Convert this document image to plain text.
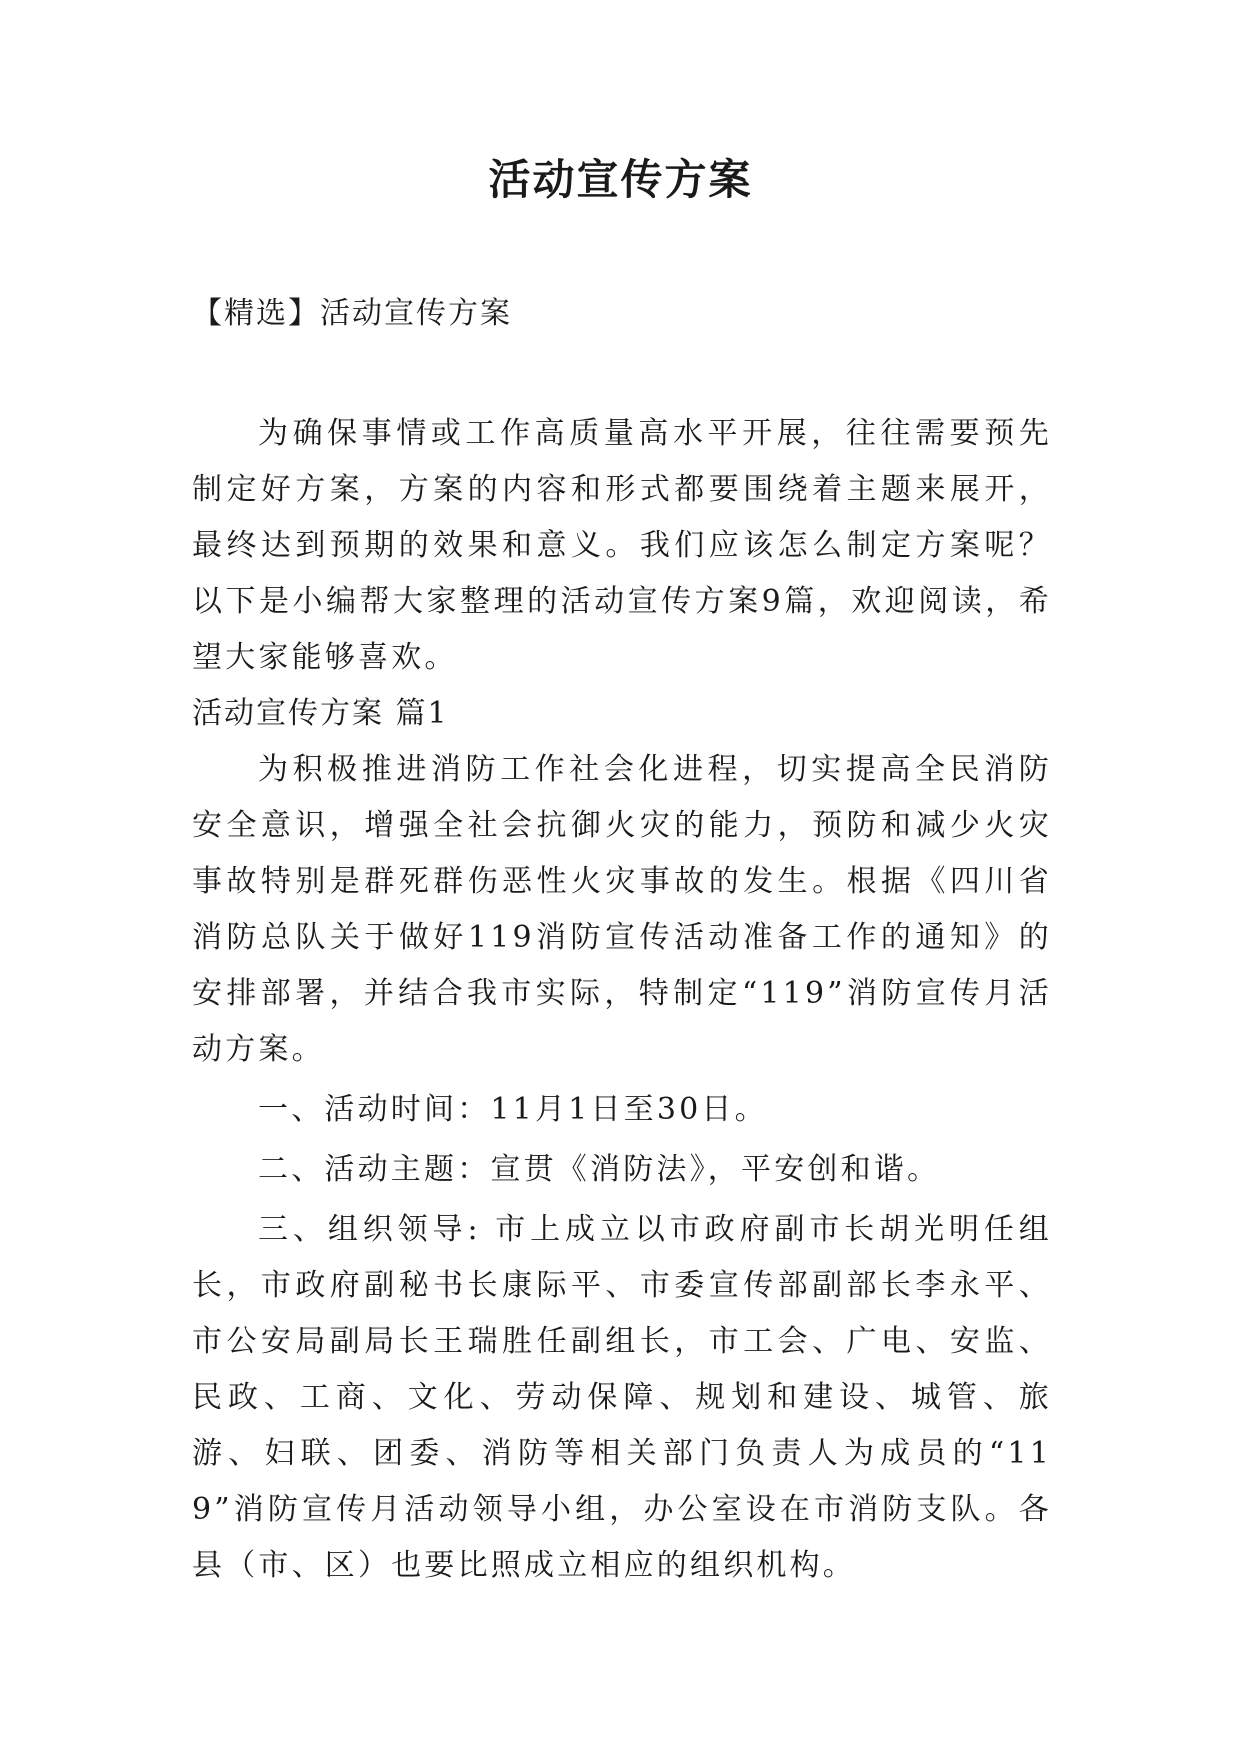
活动宣传方案
【精选】活动宣传方案

为确保事情或工作高质量高水平开展，往往需要预先制定好方案，方案的内容和形式都要围绕着主题来展开，最终达到预期的效果和意义。我们应该怎么制定方案呢？以下是小编帮大家整理的活动宣传方案9篇，欢迎阅读，希望大家能够喜欢。

活动宣传方案 篇1

为积极推进消防工作社会化进程，切实提高全民消防安全意识，增强全社会抗御火灾的能力，预防和减少火灾事故特别是群死群伤恶性火灾事故的发生。根据《四川省消防总队关于做好119消防宣传活动准备工作的通知》的安排部署，并结合我市实际，特制定“119”消防宣传月活动方案。

一、活动时间：11月1日至30日。

二、活动主题：宣贯《消防法》，平安创和谐。

三、组织领导: 市上成立以市政府副市长胡光明任组长，市政府副秘书长康际平、市委宣传部副部长李永平、市公安局副局长王瑞胜任副组长，市工会、广电、安监、民政、工商、文化、劳动保障、规划和建设、城管、旅游、妇联、团委、消防等相关部门负责人为成员的“119”消防宣传月活动领导小组，办公室设在市消防支队。各县（市、区）也要比照成立相应的组织机构。
